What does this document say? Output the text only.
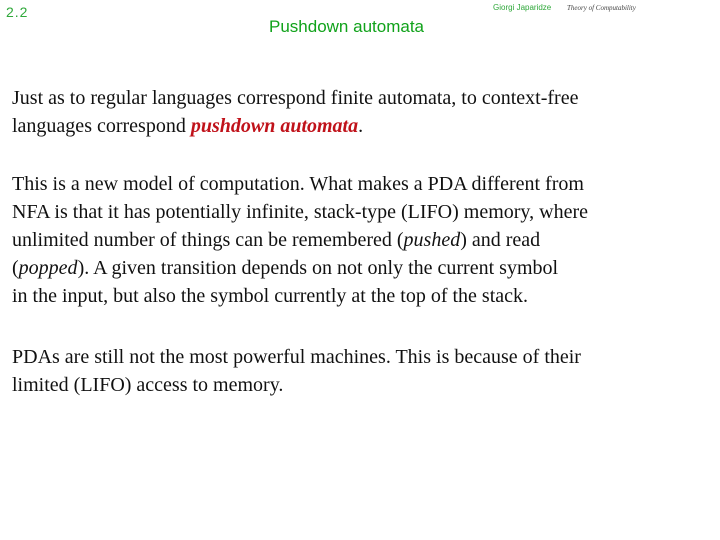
2.2
Pushdown automata
Giorgi Japaridze Theory of Computability

Just as to regular languages correspond finite automata, to context-free
languages correspond pushdown automata.

This is a new model of computation. What makes a PDA different from
NFA is that it has potentially infinite, stack-type (LIFO) memory, where
unlimited number of things can be remembered (pushed) and read
(popped). A given transition depends on not only the current symbol
in the input, but also the symbol currently at the top of the stack.

PDAs are still not the most powerful machines. This is because of their
limited (LIFO) access to memory.
